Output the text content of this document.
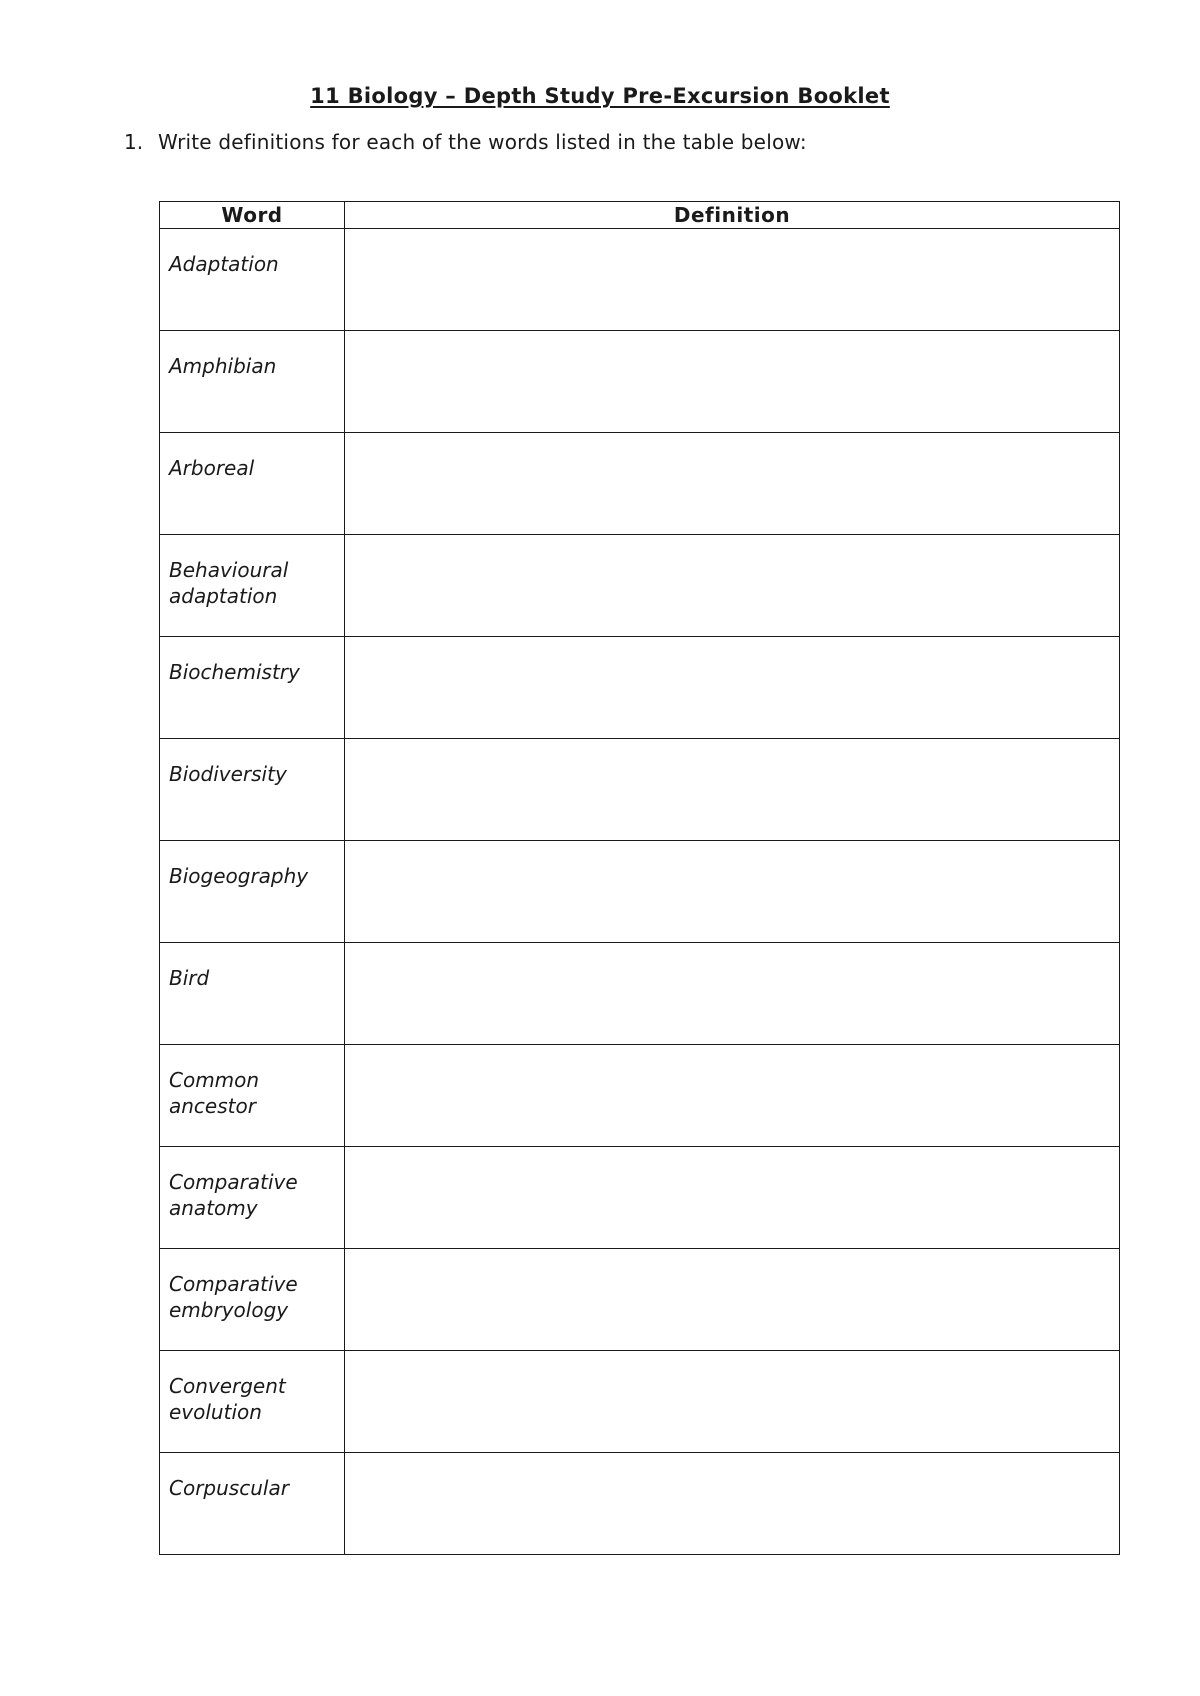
11 Biology – Depth Study Pre-Excursion Booklet
1. Write definitions for each of the words listed in the table below:
Word	Definition
Adaptation	
Amphibian	
Arboreal	
Behavioural adaptation	
Biochemistry	
Biodiversity	
Biogeography	
Bird	
Common ancestor	
Comparative anatomy	
Comparative embryology	
Convergent evolution	
Corpuscular	
